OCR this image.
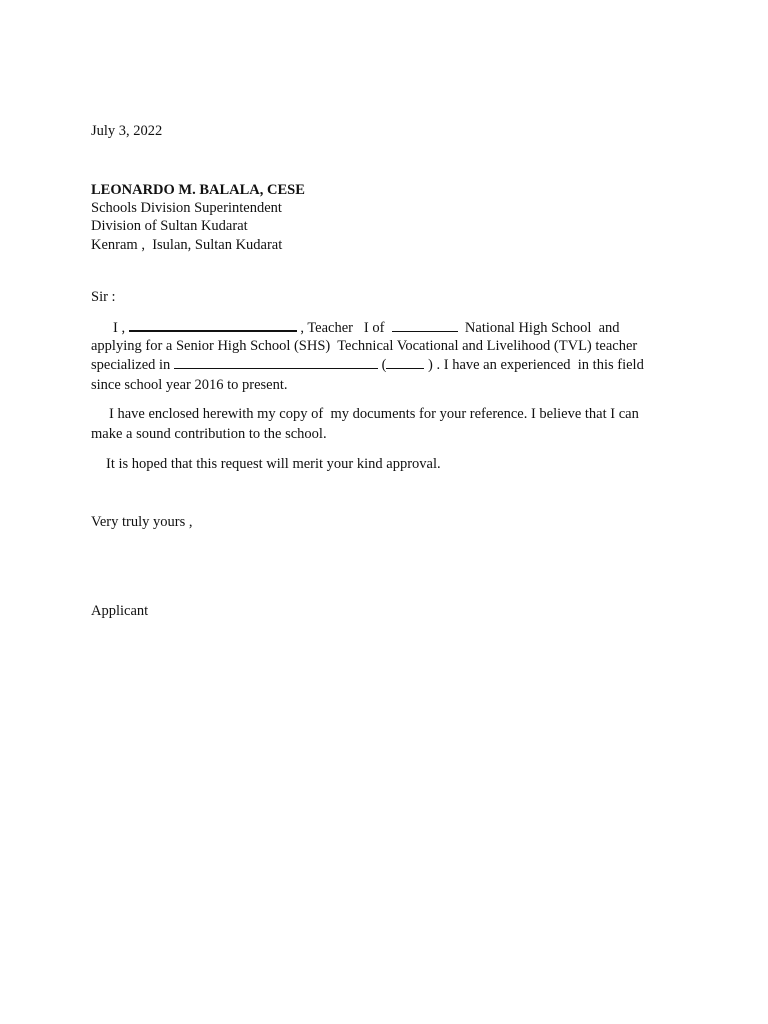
July 3, 2022
LEONARDO M. BALALA, CESE
Schools Division Superintendent
Division of Sultan Kudarat
Kenram ,  Isulan, Sultan Kudarat
Sir :
I ,	, Teacher   I of	National High School  and
applying for a Senior High School (SHS)  Technical Vocational and Livelihood (TVL) teacher
specialized in	(	) . I have an experienced  in this field
since school year 2016 to present.
I have enclosed herewith my copy of  my documents for your reference. I believe that I can
make a sound contribution to the school.
It is hoped that this request will merit your kind approval.
Very truly yours ,
Applicant
